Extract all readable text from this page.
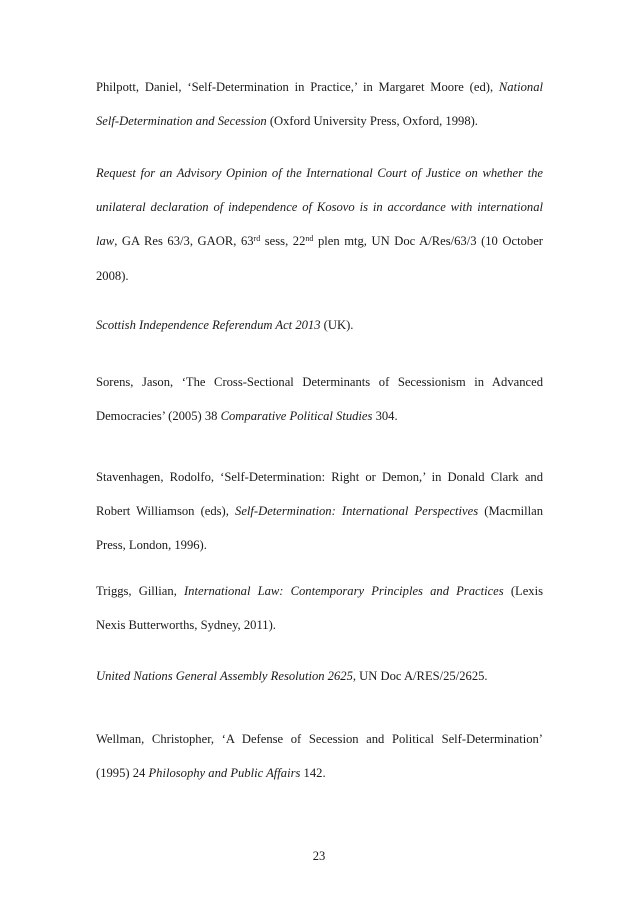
Philpott, Daniel, ‘Self-Determination in Practice,’ in Margaret Moore (ed), National
Self-Determination and Secession (Oxford University Press, Oxford, 1998).
Request for an Advisory Opinion of the International Court of Justice on whether the
unilateral declaration of independence of Kosovo is in accordance with international
law, GA Res 63/3, GAOR, 63rd sess, 22nd plen mtg, UN Doc A/Res/63/3 (10 October
2008).
Scottish Independence Referendum Act 2013 (UK).
Sorens, Jason, ‘The Cross-Sectional Determinants of Secessionism in Advanced
Democracies’ (2005) 38 Comparative Political Studies 304.
Stavenhagen, Rodolfo, ‘Self-Determination: Right or Demon,’ in Donald Clark and
Robert Williamson (eds), Self-Determination: International Perspectives (Macmillan
Press, London, 1996).
Triggs, Gillian, International Law: Contemporary Principles and Practices (Lexis
Nexis Butterworths, Sydney, 2011).
United Nations General Assembly Resolution 2625, UN Doc A/RES/25/2625.
Wellman, Christopher, ‘A Defense of Secession and Political Self-Determination’
(1995) 24 Philosophy and Public Affairs 142.

23
